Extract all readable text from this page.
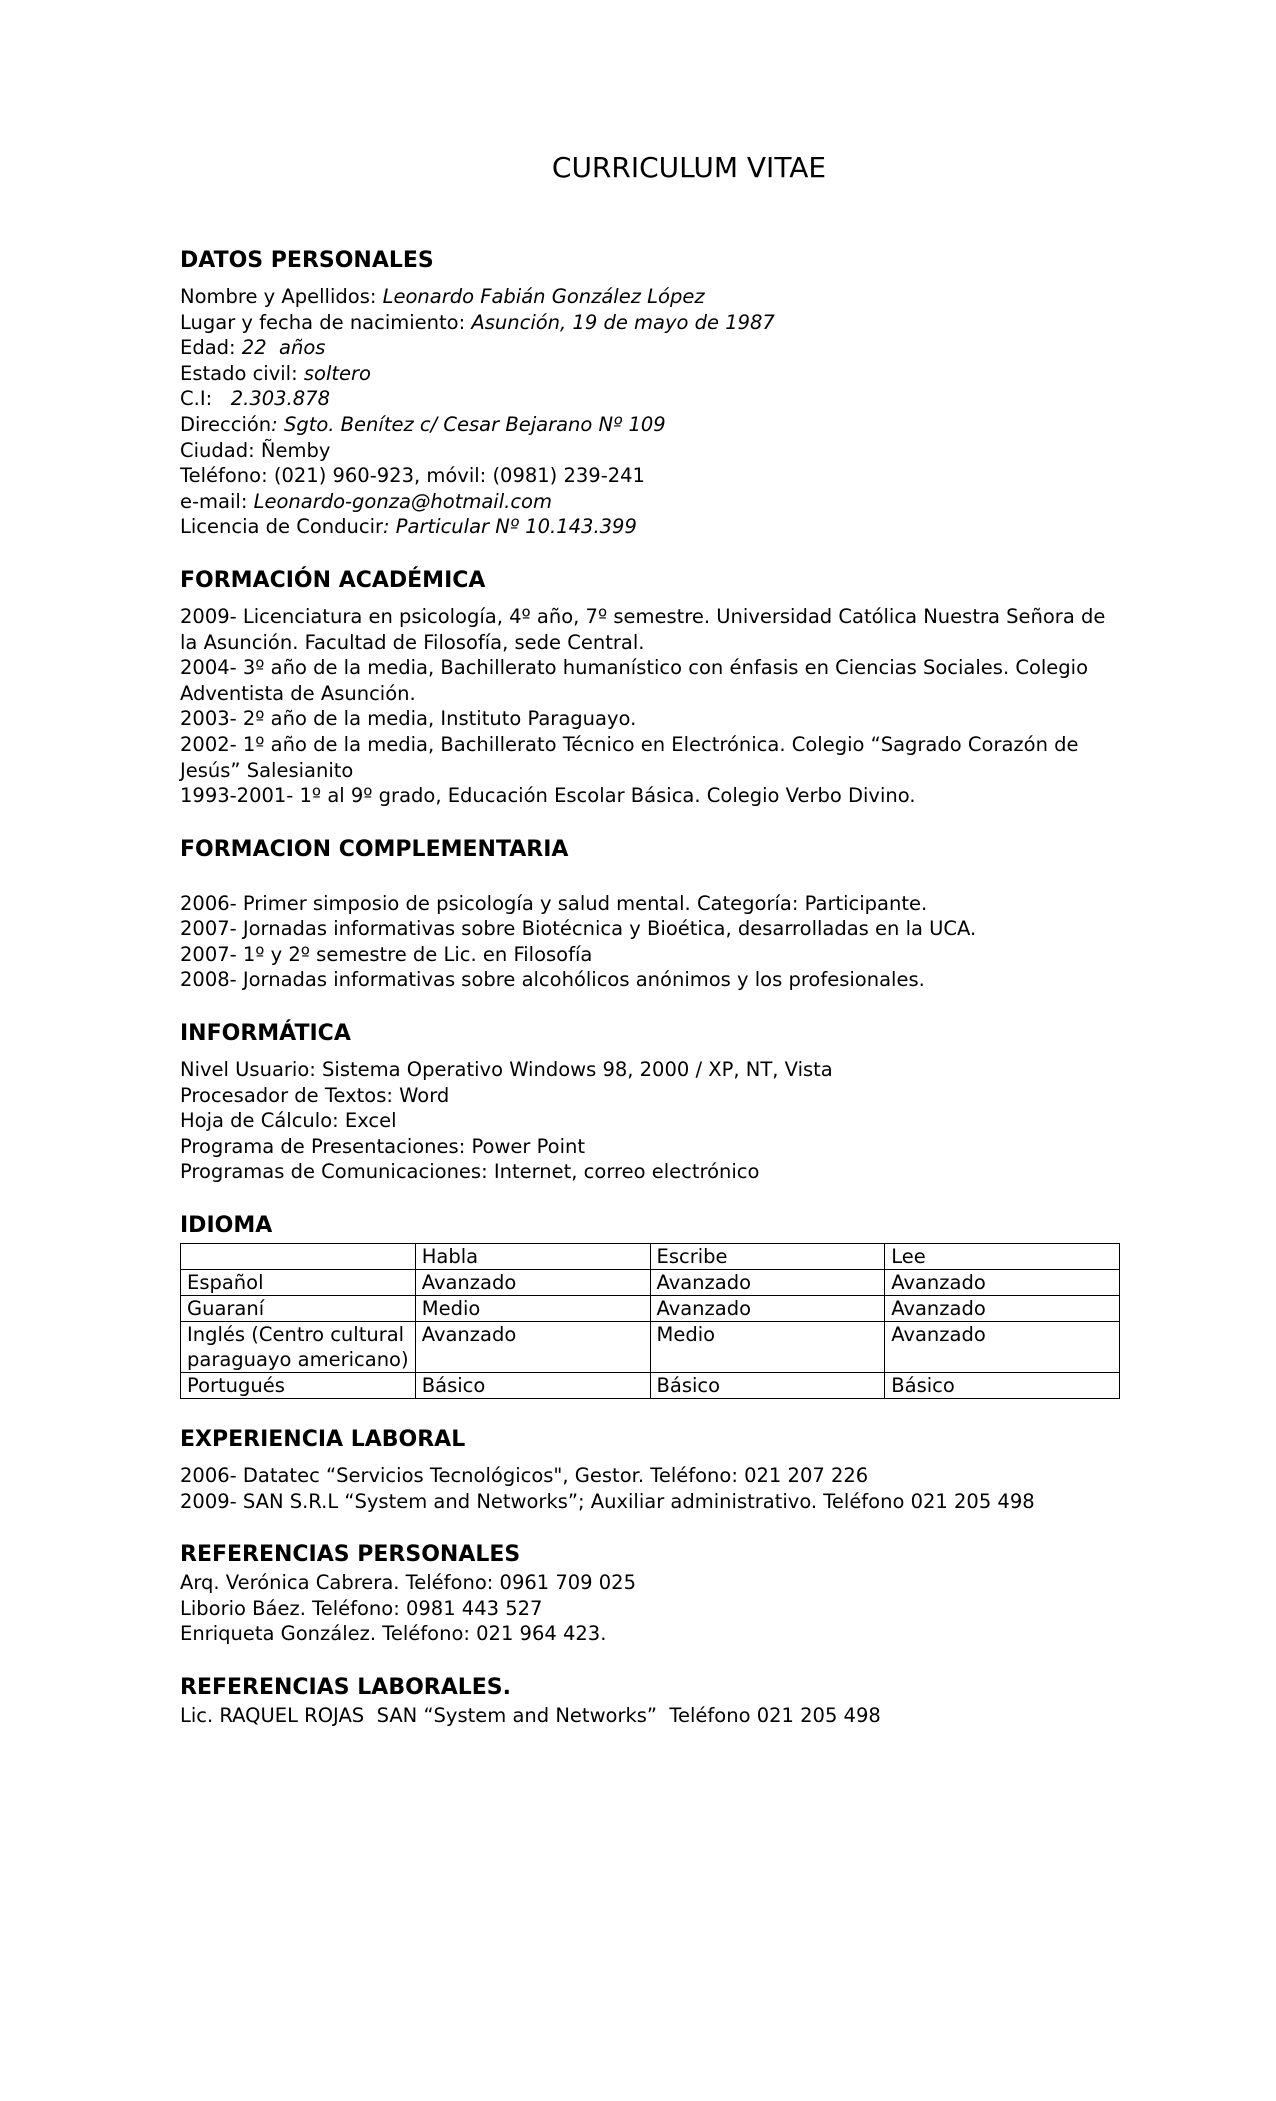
CURRICULUM VITAE
DATOS PERSONALES
Nombre y Apellidos: Leonardo Fabián González López
Lugar y fecha de nacimiento: Asunción, 19 de mayo de 1987
Edad: 22  años
Estado civil: soltero
C.I:   2.303.878
Dirección: Sgto. Benítez c/ Cesar Bejarano Nº 109
Ciudad: Ñemby
Teléfono: (021) 960-923, móvil: (0981) 239-241
e-mail: Leonardo-gonza@hotmail.com
Licencia de Conducir: Particular Nº 10.143.399
FORMACIÓN ACADÉMICA
2009- Licenciatura en psicología, 4º año, 7º semestre. Universidad Católica Nuestra Señora de la Asunción. Facultad de Filosofía, sede Central.
2004- 3º año de la media, Bachillerato humanístico con énfasis en Ciencias Sociales. Colegio Adventista de Asunción.
2003- 2º año de la media, Instituto Paraguayo.
2002- 1º año de la media, Bachillerato Técnico en Electrónica. Colegio “Sagrado Corazón de Jesús” Salesianito
1993-2001- 1º al 9º grado, Educación Escolar Básica. Colegio Verbo Divino.
FORMACION COMPLEMENTARIA
2006- Primer simposio de psicología y salud mental. Categoría: Participante.
2007- Jornadas informativas sobre Biotécnica y Bioética, desarrolladas en la UCA.
2007- 1º y 2º semestre de Lic. en Filosofía
2008- Jornadas informativas sobre alcohólicos anónimos y los profesionales.
INFORMÁTICA
Nivel Usuario: Sistema Operativo Windows 98, 2000 / XP, NT, Vista
Procesador de Textos: Word
Hoja de Cálculo: Excel
Programa de Presentaciones: Power Point
Programas de Comunicaciones: Internet, correo electrónico
IDIOMA
	Habla	Escribe	Lee
Español	Avanzado	Avanzado	Avanzado
Guaraní	Medio	Avanzado	Avanzado
Inglés (Centro cultural paraguayo americano)	Avanzado	Medio	Avanzado
Portugués	Básico	Básico	Básico
EXPERIENCIA LABORAL
2006- Datatec “Servicios Tecnológicos", Gestor. Teléfono: 021 207 226
2009- SAN S.R.L “System and Networks”; Auxiliar administrativo. Teléfono 021 205 498
REFERENCIAS PERSONALES
Arq. Verónica Cabrera. Teléfono: 0961 709 025
Liborio Báez. Teléfono: 0981 443 527
Enriqueta González. Teléfono: 021 964 423.
REFERENCIAS LABORALES.
Lic. RAQUEL ROJAS  SAN “System and Networks”  Teléfono 021 205 498
